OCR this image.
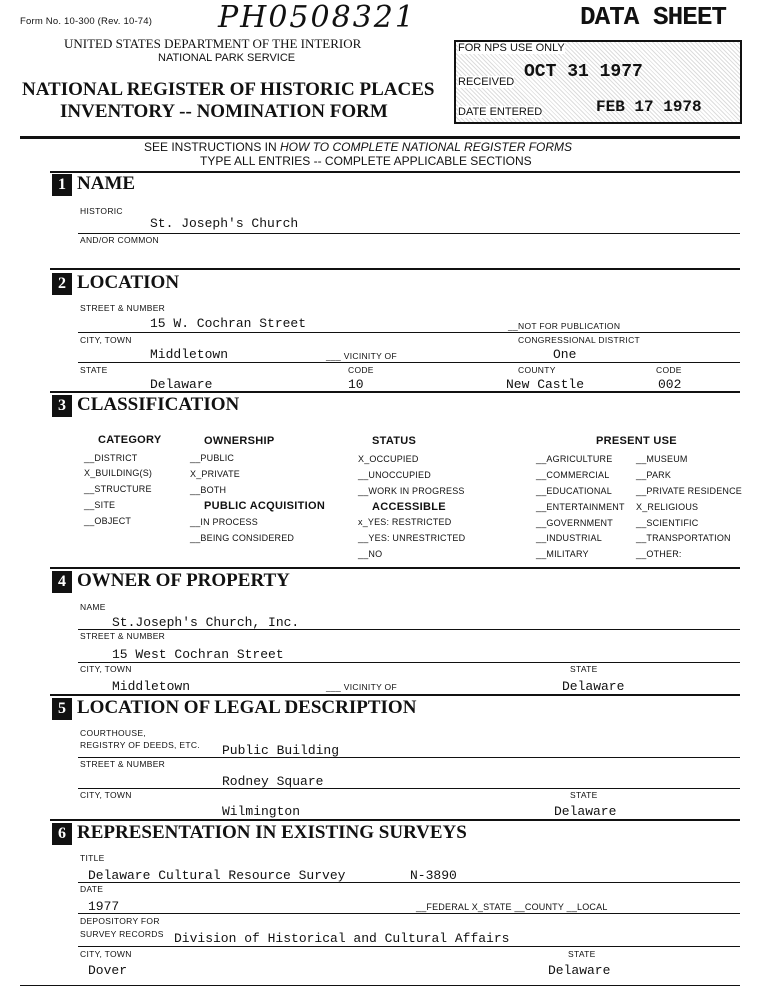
Form No. 10-300 (Rev. 10-74) PH0508321	DATA SHEET
UNITED STATES DEPARTMENT OF THE INTERIOR
NATIONAL PARK SERVICE
NATIONAL REGISTER OF HISTORIC PLACES
INVENTORY -- NOMINATION FORM
FOR NPS USE ONLY
RECEIVED OCT 31 1977
DATE ENTERED	FEB 17 1978
SEE INSTRUCTIONS IN HOW TO COMPLETE NATIONAL REGISTER FORMS
TYPE ALL ENTRIES -- COMPLETE APPLICABLE SECTIONS
1 NAME
HISTORIC
St. Joseph's Church
AND/OR COMMON
2 LOCATION
STREET & NUMBER
15 W. Cochran Street	__NOT FOR PUBLICATION
CITY, TOWN	CONGRESSIONAL DISTRICT
Middletown	___ VICINITY OF	One
STATE	CODE	COUNTY	CODE
Delaware	10	New Castle	002
3 CLASSIFICATION
CATEGORY
__DISTRICT
X_BUILDING(S)
__STRUCTURE
__SITE
__OBJECT
OWNERSHIP
__PUBLIC
X_PRIVATE
__BOTH
PUBLIC ACQUISITION
__IN PROCESS
__BEING CONSIDERED
STATUS
X_OCCUPIED
__UNOCCUPIED
__WORK IN PROGRESS
ACCESSIBLE
x_YES: RESTRICTED
__YES: UNRESTRICTED
__NO
PRESENT USE
__AGRICULTURE
__COMMERCIAL
__EDUCATIONAL
__ENTERTAINMENT
__GOVERNMENT
__INDUSTRIAL
__MILITARY
__MUSEUM
__PARK
__PRIVATE RESIDENCE
X_RELIGIOUS
__SCIENTIFIC
__TRANSPORTATION
__OTHER:
4 OWNER OF PROPERTY
NAME
St.Joseph's Church, Inc.
STREET & NUMBER
15 West Cochran Street
CITY, TOWN	STATE
Middletown	___ VICINITY OF	Delaware
5 LOCATION OF LEGAL DESCRIPTION
COURTHOUSE,
REGISTRY OF DEEDS, ETC. Public Building
STREET & NUMBER
Rodney Square
CITY, TOWN	STATE
Wilmington	Delaware
6 REPRESENTATION IN EXISTING SURVEYS
TITLE
Delaware Cultural Resource Survey	N-3890
DATE
1977	__FEDERAL X_STATE __COUNTY __LOCAL
DEPOSITORY FOR
SURVEY RECORDS Division of Historical and Cultural Affairs
CITY, TOWN	STATE
Dover	Delaware
